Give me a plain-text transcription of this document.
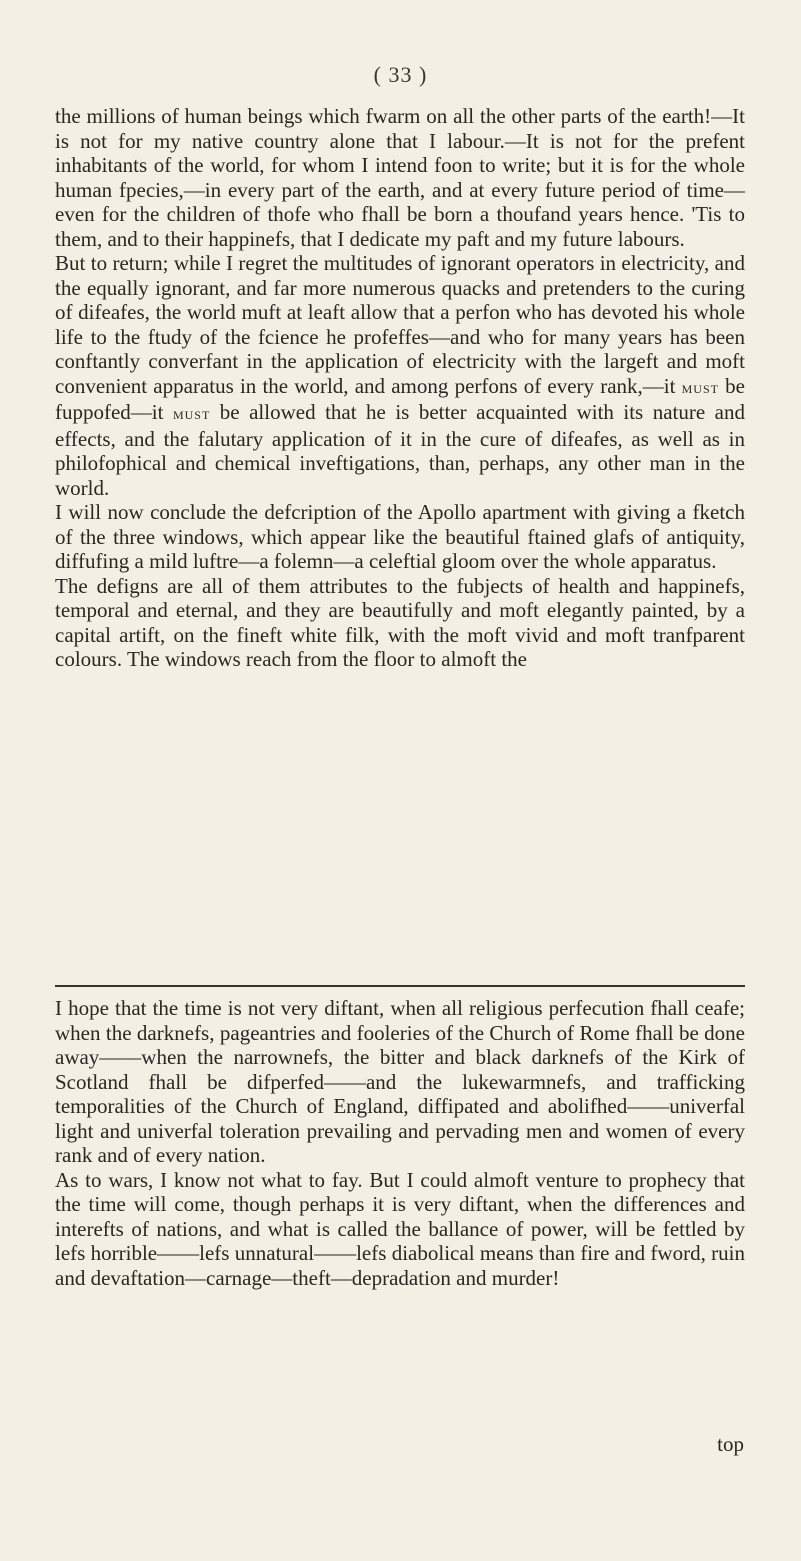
( 33 )

the millions of human beings which fwarm on all the other parts of the earth!—It is not for my native country alone that I labour.—It is not for the prefent inhabitants of the world, for whom I intend foon to write; but it is for the whole human fpecies,—in every part of the earth, and at every future period of time—even for the children of thofe who fhall be born a thoufand years hence. 'Tis to them, and to their happinefs, that I dedicate my paft and my future labours.

But to return; while I regret the multitudes of ignorant operators in electricity, and the equally ignorant, and far more numerous quacks and pretenders to the curing of difeafes, the world muft at leaft allow that a perfon who has devoted his whole life to the ftudy of the fcience he profeffes—and who for many years has been conftantly converfant in the application of electricity with the largeft and moft convenient apparatus in the world, and among perfons of every rank,—it must be fuppofed—it must be allowed that he is better acquainted with its nature and effects, and the falutary application of it in the cure of difeafes, as well as in philofophical and chemical inveftigations, than, perhaps, any other man in the world.

I will now conclude the defcription of the Apollo apartment with giving a fketch of the three windows, which appear like the beautiful ftained glafs of antiquity, diffufing a mild luftre—a folemn—a celeftial gloom over the whole apparatus.

The defigns are all of them attributes to the fubjects of health and happinefs, temporal and eternal, and they are beautifully and moft elegantly painted, by a capital artift, on the fineft white filk, with the moft vivid and moft tranfparent colours. The windows reach from the floor to almoft the

I hope that the time is not very diftant, when all religious perfecution fhall ceafe; when the darknefs, pageantries and fooleries of the Church of Rome fhall be done away——when the narrownefs, the bitter and black darknefs of the Kirk of Scotland fhall be difperfed——and the lukewarmnefs, and trafficking temporalities of the Church of England, diffipated and abolifhed——univerfal light and univerfal toleration prevailing and pervading men and women of every rank and of every nation.

As to wars, I know not what to fay. But I could almoft venture to prophecy that the time will come, though perhaps it is very diftant, when the differences and interefts of nations, and what is called the ballance of power, will be fettled by lefs horrible——lefs unnatural——lefs diabolical means than fire and fword, ruin and devaftation—carnage—theft—depradation and murder!

top
